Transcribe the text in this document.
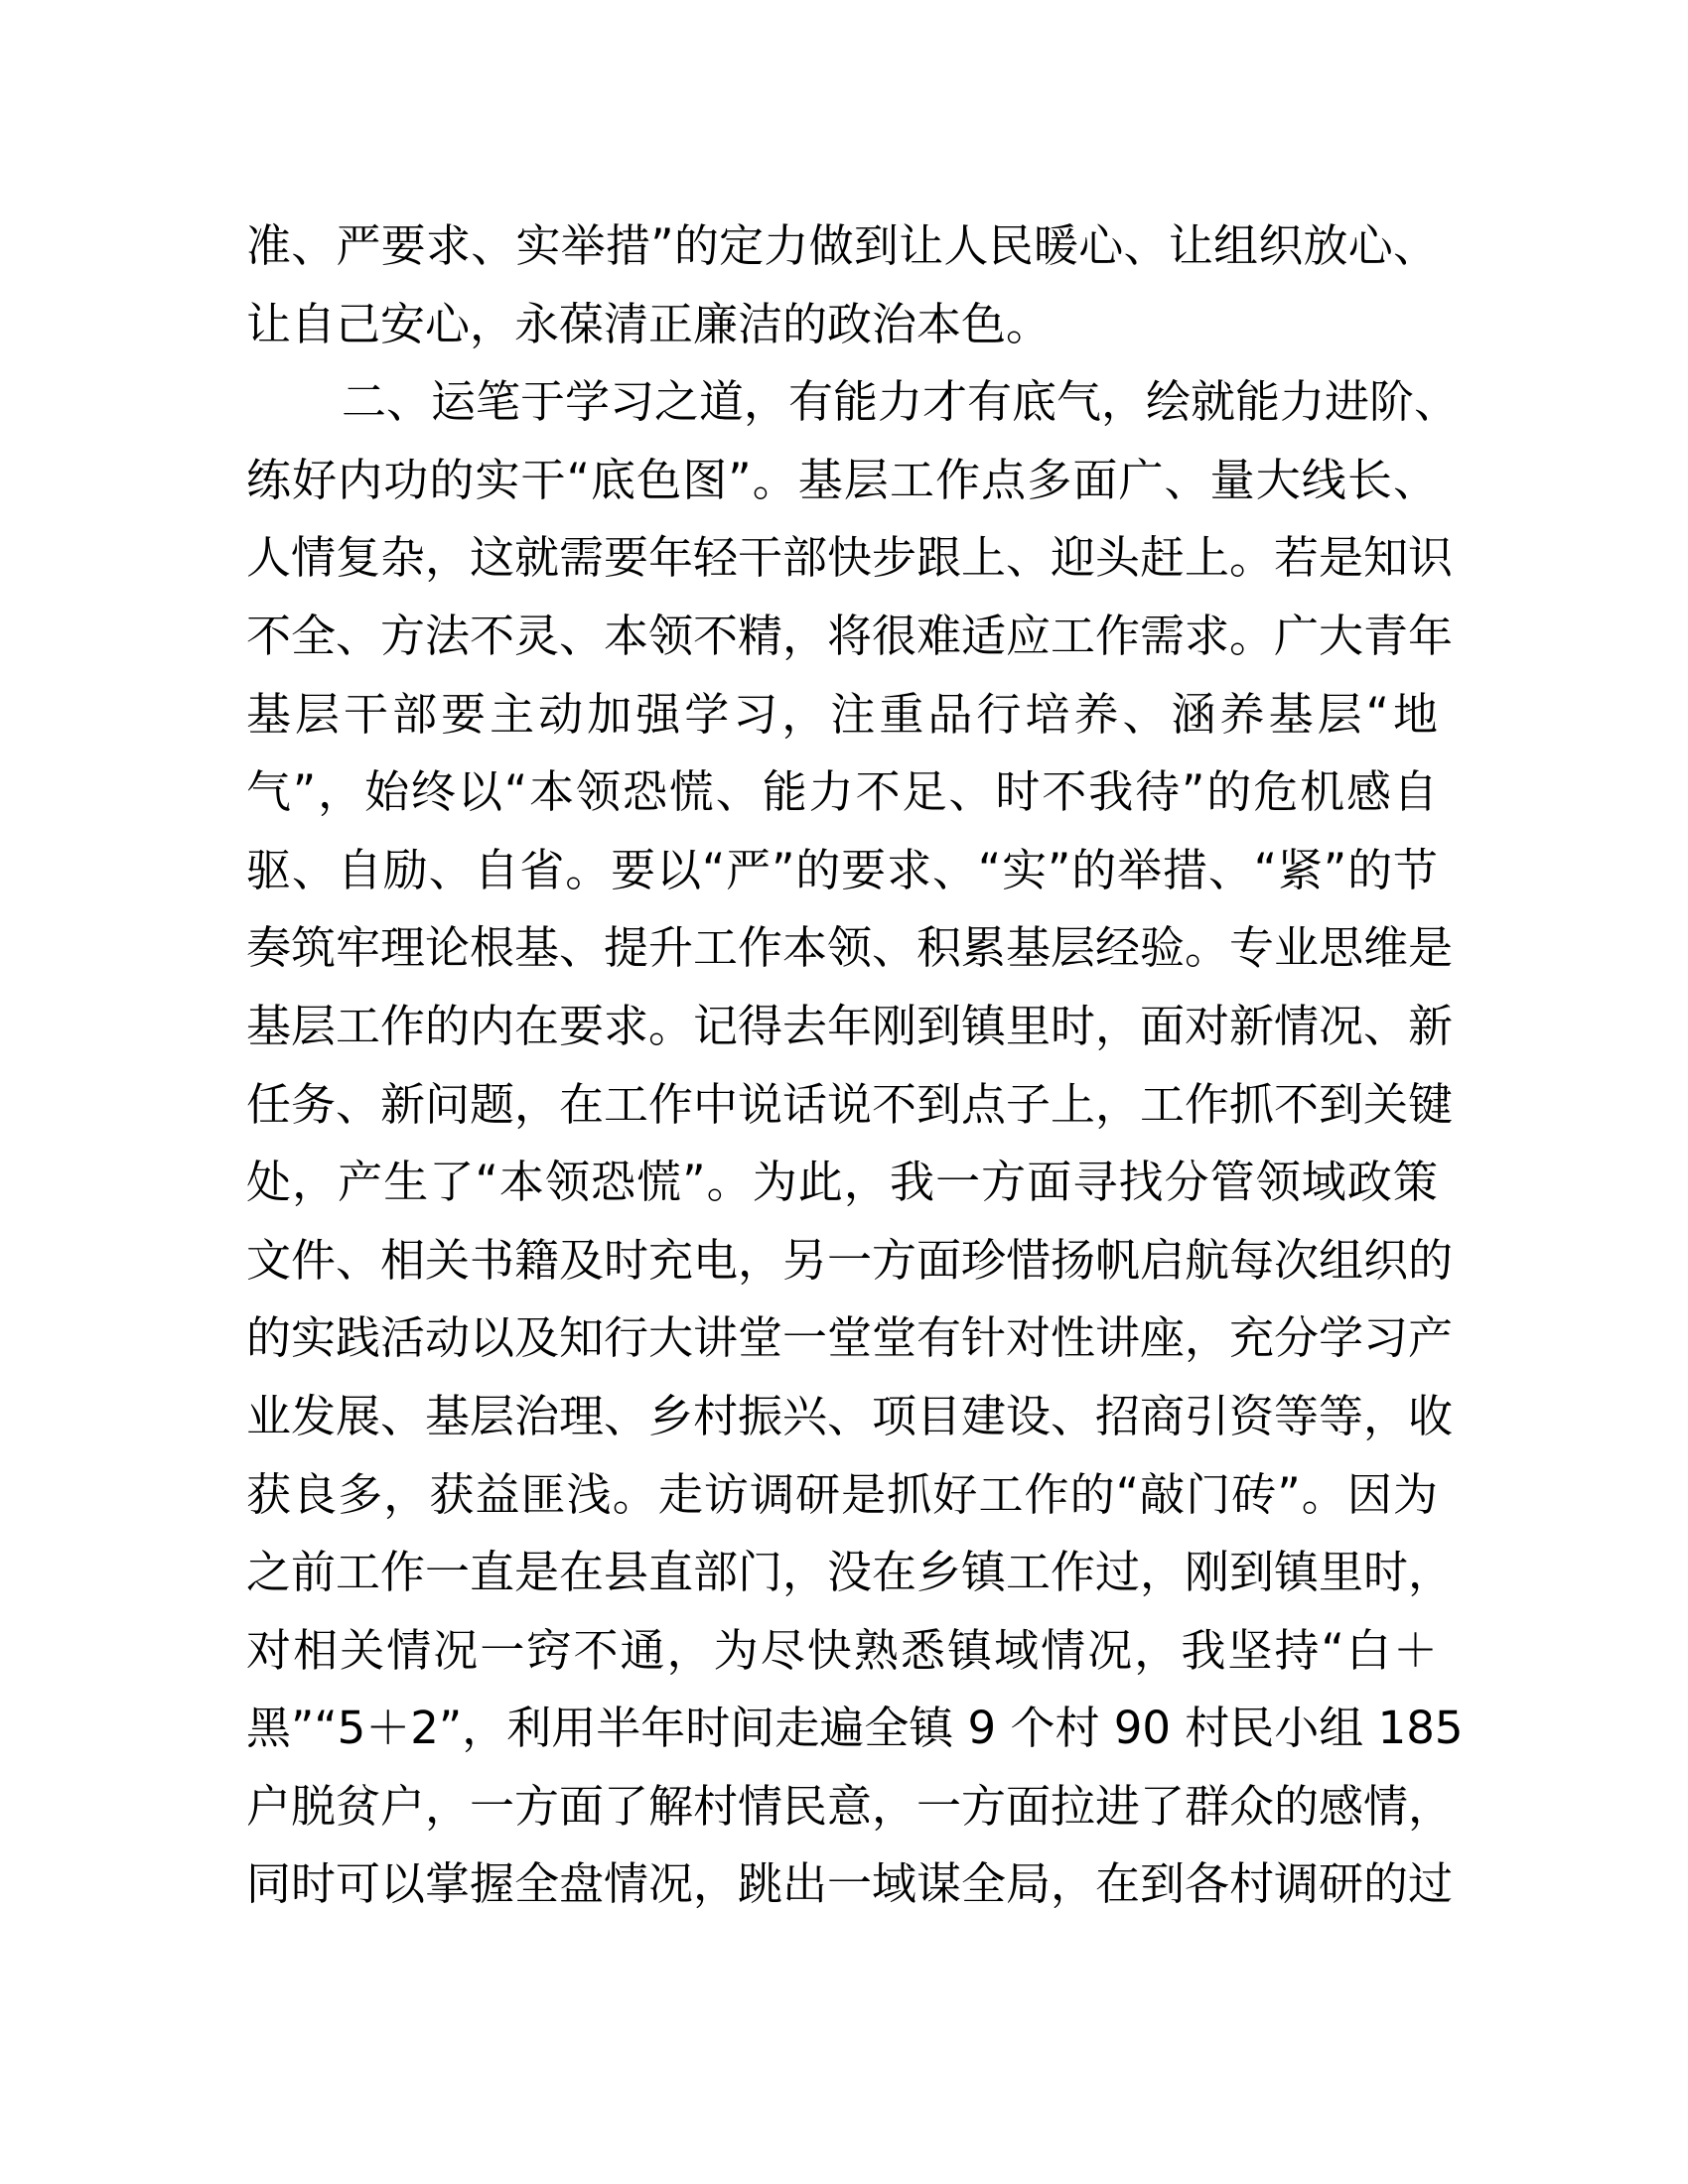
准、严要求、实举措”的定力做到让人民暖心、让组织放心、
让自己安心，永葆清正廉洁的政治本色。
二、运笔于学习之道，有能力才有底气，绘就能力进阶、
练好内功的实干“底色图”。基层工作点多面广、量大线长、
人情复杂，这就需要年轻干部快步跟上、迎头赶上。若是知识
不全、方法不灵、本领不精，将很难适应工作需求。广大青年
基层干部要主动加强学习，注重品行培养、涵养基层“地
气”，始终以“本领恐慌、能力不足、时不我待”的危机感自
驱、自励、自省。要以“严”的要求、“实”的举措、“紧”的节
奏筑牢理论根基、提升工作本领、积累基层经验。专业思维是
基层工作的内在要求。记得去年刚到镇里时，面对新情况、新
任务、新问题，在工作中说话说不到点子上，工作抓不到关键
处，产生了“本领恐慌”。为此，我一方面寻找分管领域政策
文件、相关书籍及时充电，另一方面珍惜扬帆启航每次组织的
的实践活动以及知行大讲堂一堂堂有针对性讲座，充分学习产
业发展、基层治理、乡村振兴、项目建设、招商引资等等，收
获良多，获益匪浅。走访调研是抓好工作的“敲门砖”。因为
之前工作一直是在县直部门，没在乡镇工作过，刚到镇里时，
对相关情况一窍不通，为尽快熟悉镇域情况，我坚持“白＋
黑”“5＋2”，利用半年时间走遍全镇 9 个村 90 村民小组 185
户脱贫户，一方面了解村情民意，一方面拉进了群众的感情，
同时可以掌握全盘情况，跳出一域谋全局，在到各村调研的过
